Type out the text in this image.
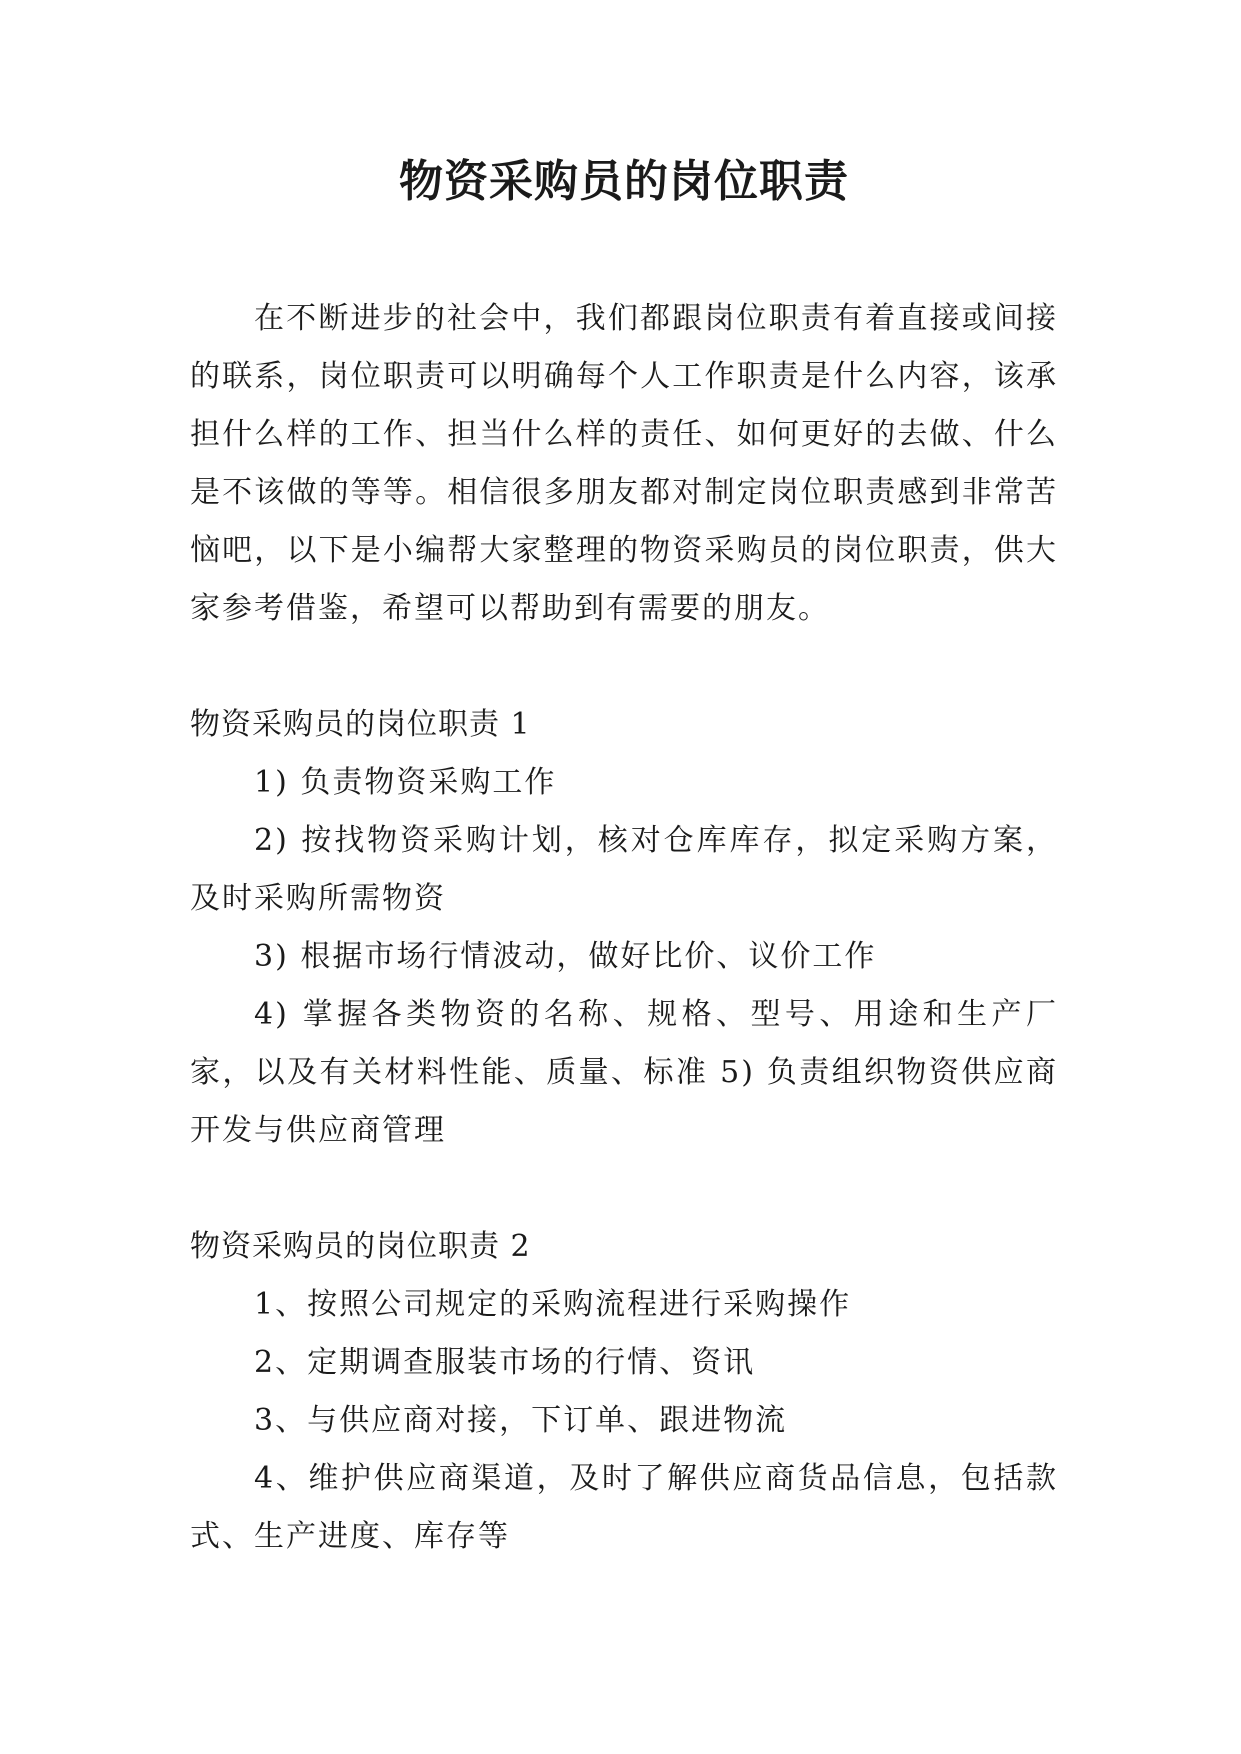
物资采购员的岗位职责

在不断进步的社会中，我们都跟岗位职责有着直接或间接的联系，岗位职责可以明确每个人工作职责是什么内容，该承担什么样的工作、担当什么样的责任、如何更好的去做、什么是不该做的等等。相信很多朋友都对制定岗位职责感到非常苦恼吧，以下是小编帮大家整理的物资采购员的岗位职责，供大家参考借鉴，希望可以帮助到有需要的朋友。

物资采购员的岗位职责 1

1) 负责物资采购工作

2) 按找物资采购计划，核对仓库库存，拟定采购方案，及时采购所需物资

3) 根据市场行情波动，做好比价、议价工作

4) 掌握各类物资的名称、规格、型号、用途和生产厂家，以及有关材料性能、质量、标准 5) 负责组织物资供应商开发与供应商管理

物资采购员的岗位职责 2

1、按照公司规定的采购流程进行采购操作

2、定期调查服装市场的行情、资讯

3、与供应商对接，下订单、跟进物流

4、维护供应商渠道，及时了解供应商货品信息，包括款式、生产进度、库存等
